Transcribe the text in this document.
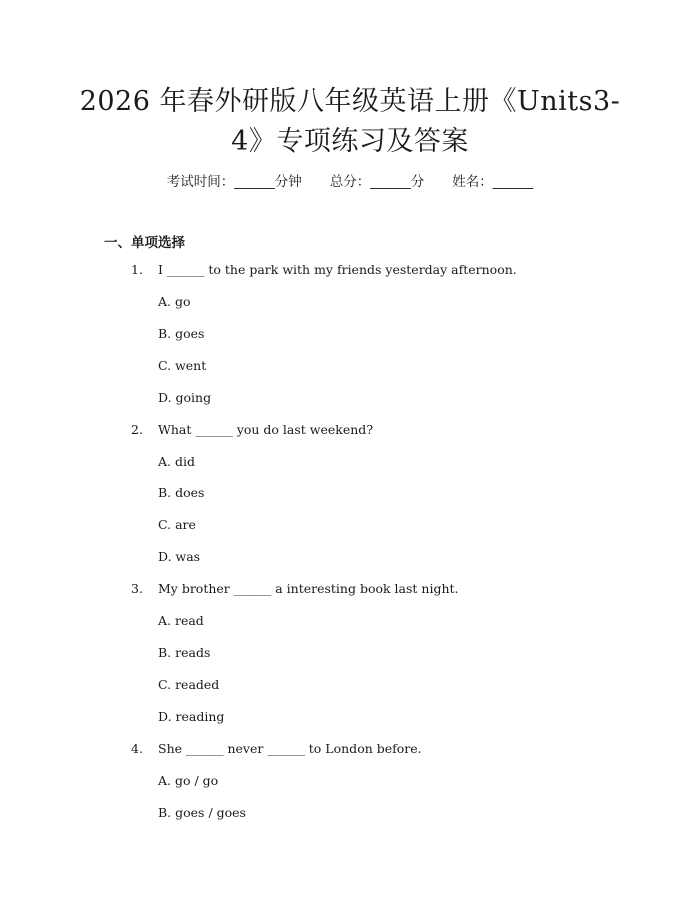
2026 年春外研版八年级英语上册《Units3-
4》专项练习及答案
考试时间：______分钟 总分：______分 姓名：______
一、单项选择
1. I ______ to the park with my friends yesterday afternoon.
A. go
B. goes
C. went
D. going
2. What ______ you do last weekend?
A. did
B. does
C. are
D. was
3. My brother ______ a interesting book last night.
A. read
B. reads
C. readed
D. reading
4. She ______ never ______ to London before.
A. go / go
B. goes / goes
